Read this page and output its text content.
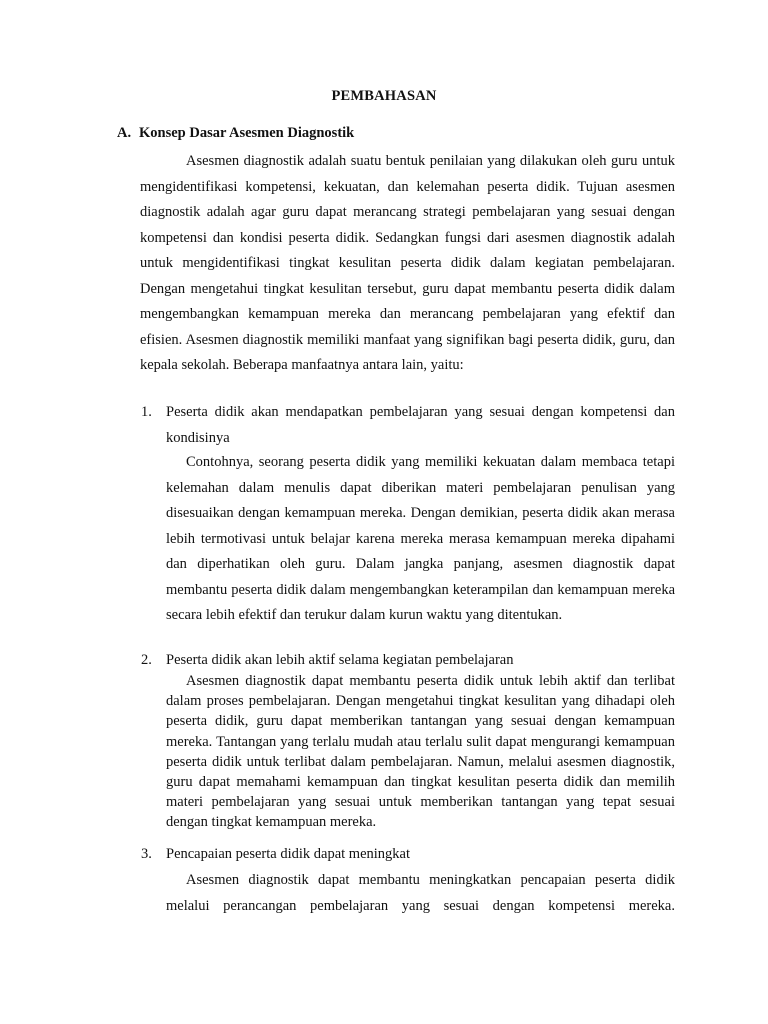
PEMBAHASAN
A. Konsep Dasar Asesmen Diagnostik

Asesmen diagnostik adalah suatu bentuk penilaian yang dilakukan oleh guru untuk mengidentifikasi kompetensi, kekuatan, dan kelemahan peserta didik. Tujuan asesmen diagnostik adalah agar guru dapat merancang strategi pembelajaran yang sesuai dengan kompetensi dan kondisi peserta didik. Sedangkan fungsi dari asesmen diagnostik adalah untuk mengidentifikasi tingkat kesulitan peserta didik dalam kegiatan pembelajaran. Dengan mengetahui tingkat kesulitan tersebut, guru dapat membantu peserta didik dalam mengembangkan kemampuan mereka dan merancang pembelajaran yang efektif dan efisien. Asesmen diagnostik memiliki manfaat yang signifikan bagi peserta didik, guru, dan kepala sekolah. Beberapa manfaatnya antara lain, yaitu:

1. Peserta didik akan mendapatkan pembelajaran yang sesuai dengan kompetensi dan kondisinya
Contohnya, seorang peserta didik yang memiliki kekuatan dalam membaca tetapi kelemahan dalam menulis dapat diberikan materi pembelajaran penulisan yang disesuaikan dengan kemampuan mereka. Dengan demikian, peserta didik akan merasa lebih termotivasi untuk belajar karena mereka merasa kemampuan mereka dipahami dan diperhatikan oleh guru. Dalam jangka panjang, asesmen diagnostik dapat membantu peserta didik dalam mengembangkan keterampilan dan kemampuan mereka secara lebih efektif dan terukur dalam kurun waktu yang ditentukan.
2. Peserta didik akan lebih aktif selama kegiatan pembelajaran
Asesmen diagnostik dapat membantu peserta didik untuk lebih aktif dan terlibat dalam proses pembelajaran. Dengan mengetahui tingkat kesulitan yang dihadapi oleh peserta didik, guru dapat memberikan tantangan yang sesuai dengan kemampuan mereka. Tantangan yang terlalu mudah atau terlalu sulit dapat mengurangi kemampuan peserta didik untuk terlibat dalam pembelajaran. Namun, melalui asesmen diagnostik, guru dapat memahami kemampuan dan tingkat kesulitan peserta didik dan memilih materi pembelajaran yang sesuai untuk memberikan tantangan yang tepat sesuai dengan tingkat kemampuan mereka.
3. Pencapaian peserta didik dapat meningkat
Asesmen diagnostik dapat membantu meningkatkan pencapaian peserta didik melalui perancangan pembelajaran yang sesuai dengan kompetensi mereka.
